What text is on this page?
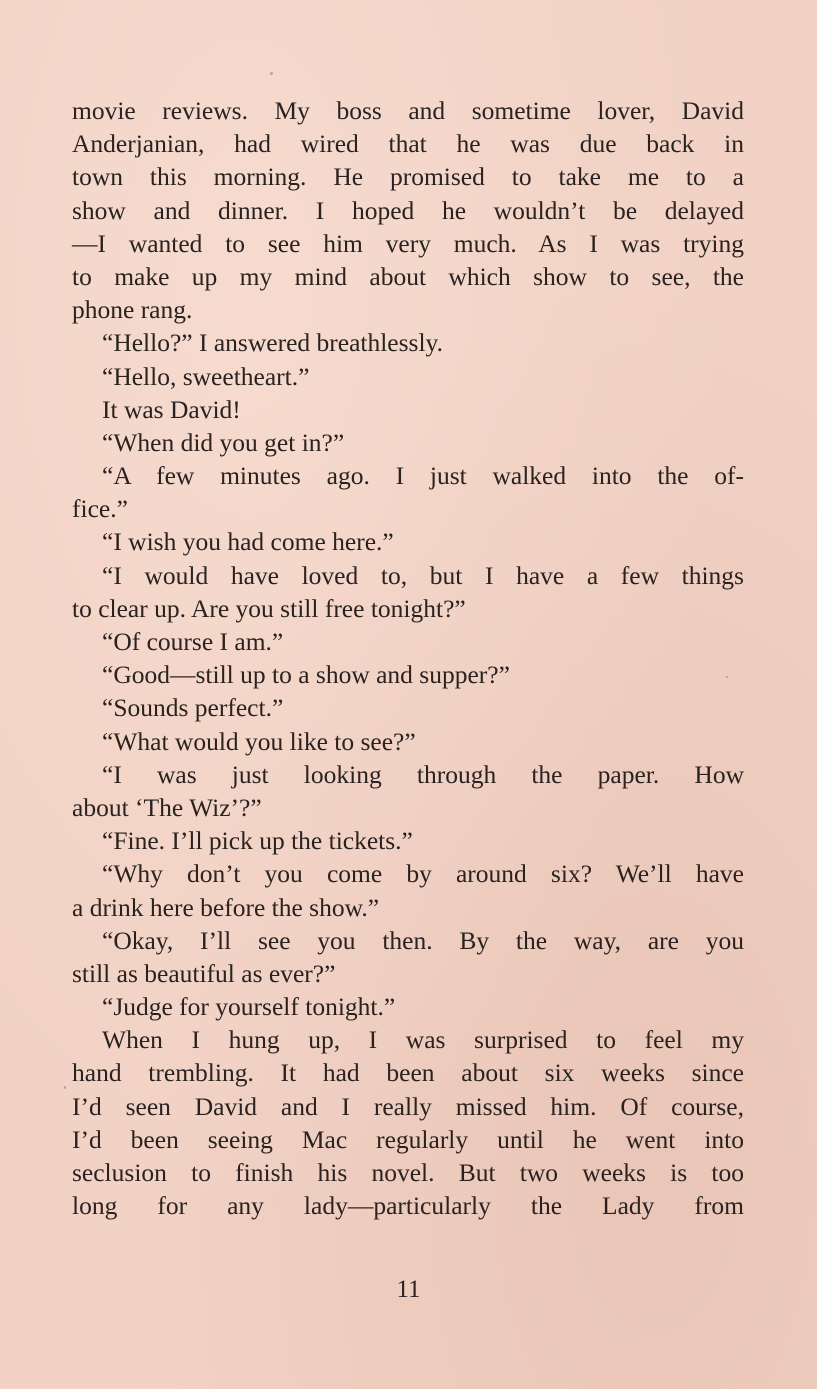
movie reviews. My boss and sometime lover, David
Anderjanian, had wired that he was due back in
town this morning. He promised to take me to a
show and dinner. I hoped he wouldn’t be delayed
—I wanted to see him very much. As I was trying
to make up my mind about which show to see, the
phone rang.
“Hello?” I answered breathlessly.
“Hello, sweetheart.”
It was David!
“When did you get in?”
“A few minutes ago. I just walked into the of-
fice.”
“I wish you had come here.”
“I would have loved to, but I have a few things
to clear up. Are you still free tonight?”
“Of course I am.”
“Good—still up to a show and supper?”
“Sounds perfect.”
“What would you like to see?”
“I was just looking through the paper. How
about ‘The Wiz’?”
“Fine. I’ll pick up the tickets.”
“Why don’t you come by around six? We’ll have
a drink here before the show.”
“Okay, I’ll see you then. By the way, are you
still as beautiful as ever?”
“Judge for yourself tonight.”
When I hung up, I was surprised to feel my
hand trembling. It had been about six weeks since
I’d seen David and I really missed him. Of course,
I’d been seeing Mac regularly until he went into
seclusion to finish his novel. But two weeks is too
long for any lady—particularly the Lady from
11
